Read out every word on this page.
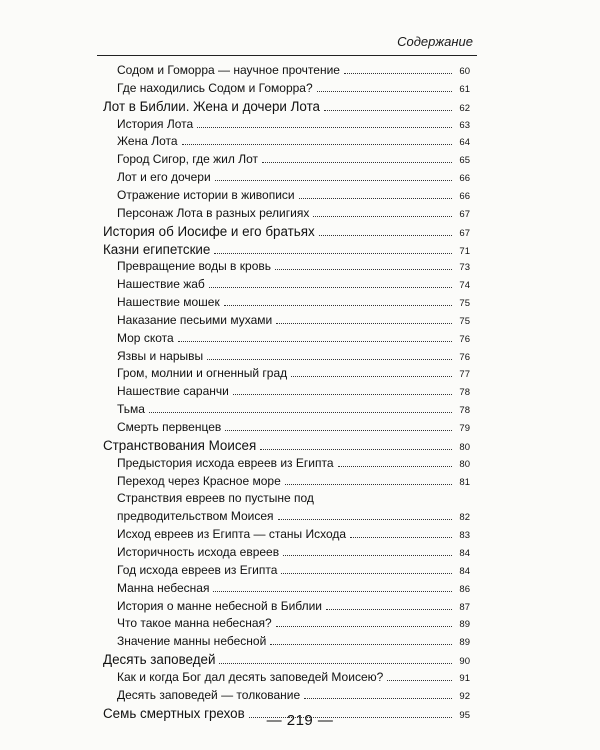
Содержание
Содом и Гоморра — научное прочтение	60
Где находились Содом и Гоморра?	61
Лот в Библии. Жена и дочери Лота	62
История Лота	63
Жена Лота	64
Город Сигор, где жил Лот	65
Лот и его дочери	66
Отражение истории в живописи	66
Персонаж Лота в разных религиях	67
История об Иосифе и его братьях	67
Казни египетские	71
Превращение воды в кровь	73
Нашествие жаб	74
Нашествие мошек	75
Наказание песьими мухами	75
Мор скота	76
Язвы и нарывы	76
Гром, молнии и огненный град	77
Нашествие саранчи	78
Тьма	78
Смерть первенцев	79
Странствования Моисея	80
Предыстория исхода евреев из Египта	80
Переход через Красное море	81
Странствия евреев по пустыне под
предводительством Моисея	82
Исход евреев из Египта — станы Исхода	83
Историчность исхода евреев	84
Год исхода евреев из Египта	84
Манна небесная	86
История о манне небесной в Библии	87
Что такое манна небесная?	89
Значение манны небесной	89
Десять заповедей	90
Как и когда Бог дал десять заповедей Моисею?	91
Десять заповедей — толкование	92
Семь смертных грехов	95
— 219 —
